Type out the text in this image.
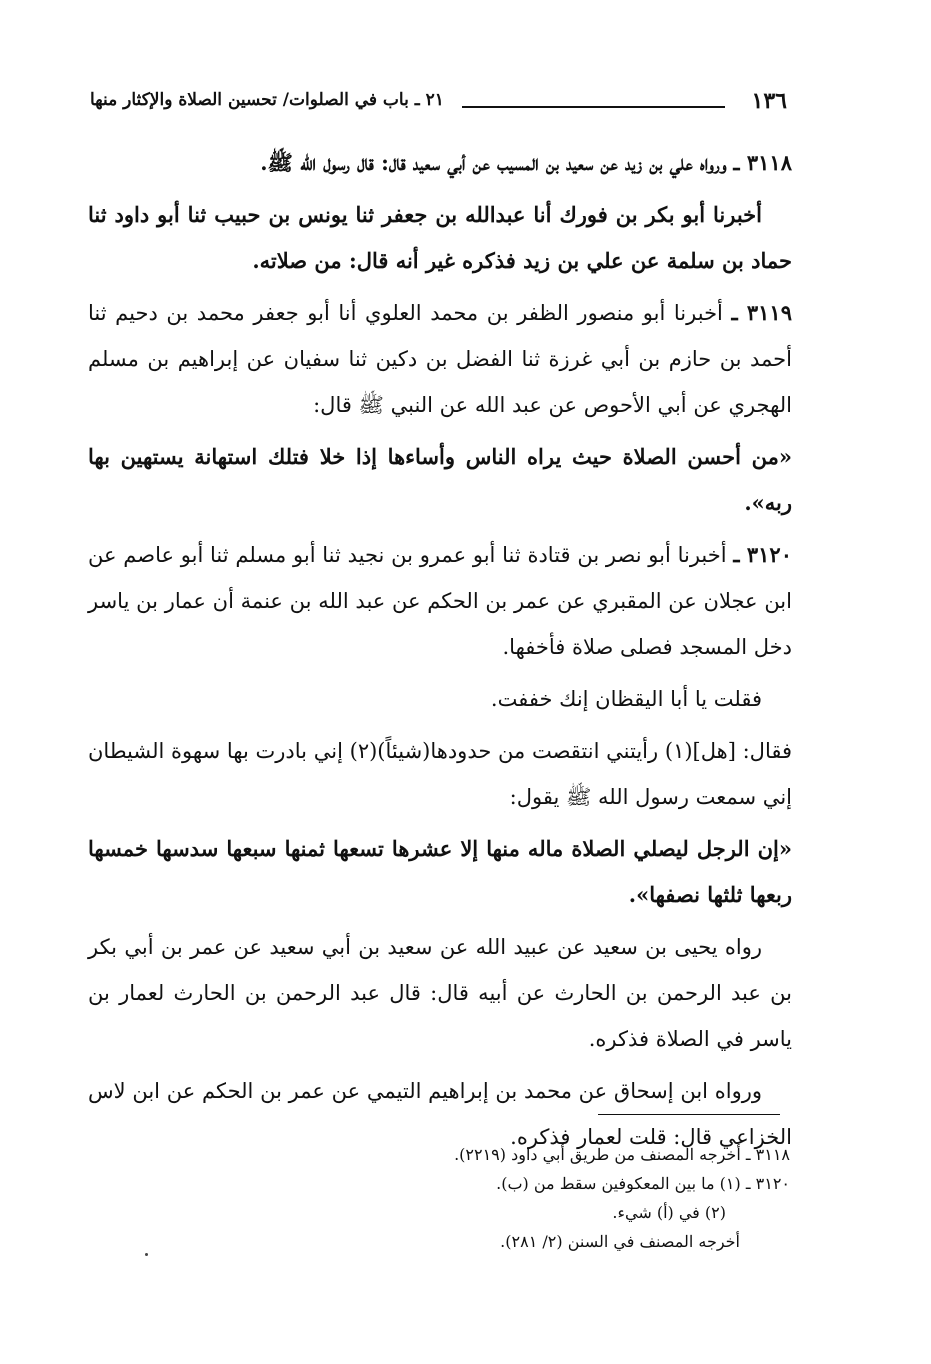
١٣٦
٢١ ـ باب في الصلوات/ تحسين الصلاة والإكثار منها

٣١١٨ ـ ورواه علي بن زيد عن سعيد بن المسيب عن أبي سعيد قال: قال رسول الله ﷺ.

أخبرنا أبو بكر بن فورك أنا عبدالله بن جعفر ثنا يونس بن حبيب ثنا أبو داود ثنا حماد بن سلمة عن علي بن زيد فذكره غير أنه قال: من صلاته.

٣١١٩ ـ أخبرنا أبو منصور الظفر بن محمد العلوي أنا أبو جعفر محمد بن دحيم ثنا أحمد بن حازم بن أبي غرزة ثنا الفضل بن دكين ثنا سفيان عن إبراهيم بن مسلم الهجري عن أبي الأحوص عن عبد الله عن النبي ﷺ قال:

«من أحسن الصلاة حيث يراه الناس وأساءها إذا خلا فتلك استهانة يستهين بها ربه».

٣١٢٠ ـ أخبرنا أبو نصر بن قتادة ثنا أبو عمرو بن نجيد ثنا أبو مسلم ثنا أبو عاصم عن ابن عجلان عن المقبري عن عمر بن الحكم عن عبد الله بن عنمة أن عمار بن ياسر دخل المسجد فصلى صلاة فأخفها.

فقلت يا أبا اليقظان إنك خففت.

فقال: [هل](١) رأيتني انتقصت من حدودها(شيئاً)(٢) إني بادرت بها سهوة الشيطان إني سمعت رسول الله ﷺ يقول:

«إن الرجل ليصلي الصلاة ماله منها إلا عشرها تسعها ثمنها سبعها سدسها خمسها ربعها ثلثها نصفها».

رواه يحيى بن سعيد عن عبيد الله عن سعيد بن أبي سعيد عن عمر بن أبي بكر بن عبد الرحمن بن الحارث عن أبيه قال: قال عبد الرحمن بن الحارث لعمار بن ياسر في الصلاة فذكره.

ورواه ابن إسحاق عن محمد بن إبراهيم التيمي عن عمر بن الحكم عن ابن لاس الخزاعي قال: قلت لعمار فذكره.

٣١١٨ ـ أخرجه المصنف من طريق أبي داود (٢٢١٩).

٣١٢٠ ـ (١) ما بين المعكوفين سقط من (ب).

(٢) في (أ) شيء.

أخرجه المصنف في السنن (٢/ ٢٨١).
